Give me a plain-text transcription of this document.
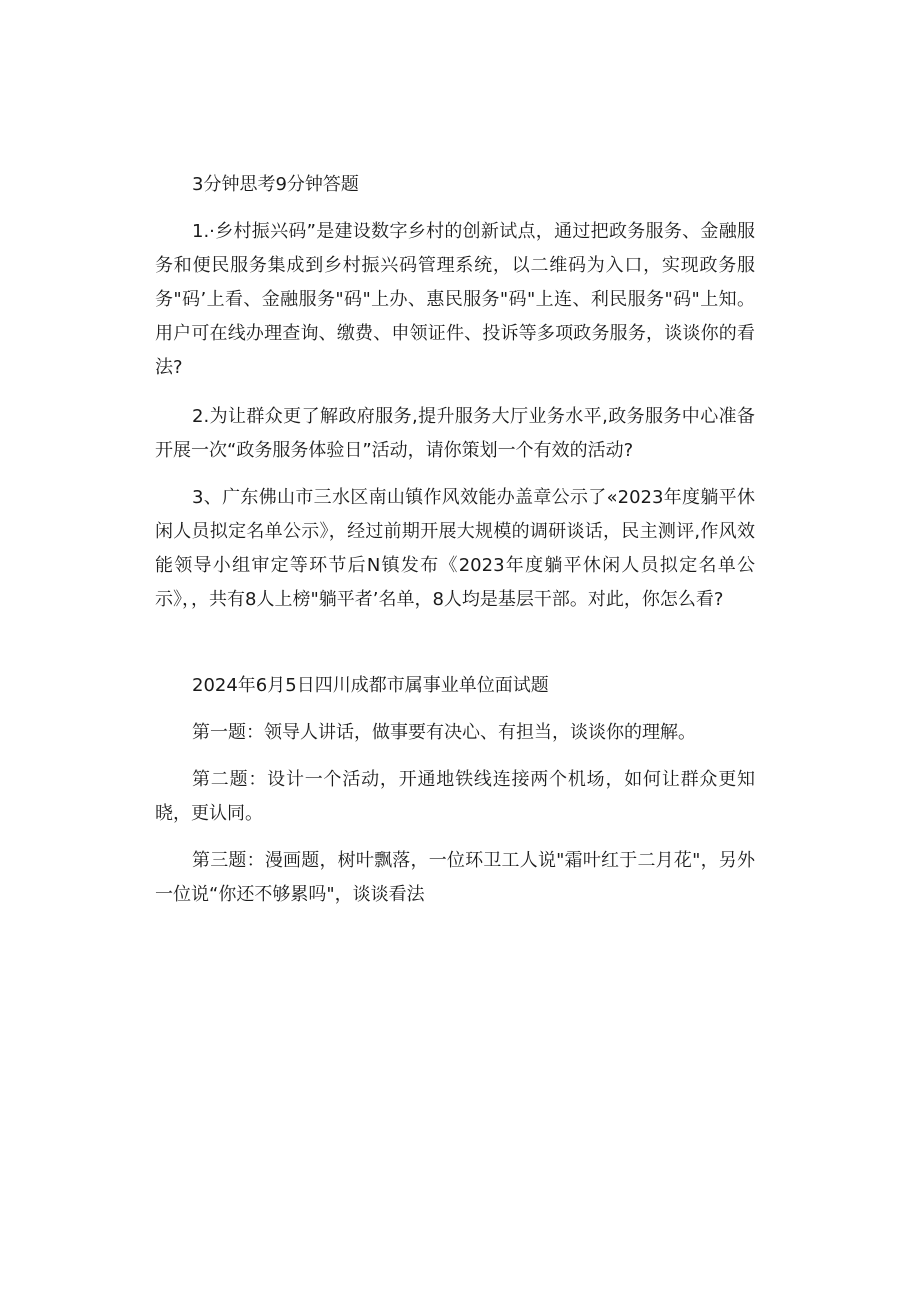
3分钟思考9分钟答题

1.·乡村振兴码”是建设数字乡村的创新试点，通过把政务服务、金融服务和便民服务集成到乡村振兴码管理系统，以二维码为入口，实现政务服务"码’上看、金融服务"码"上办、惠民服务"码"上连、利民服务"码"上知。用户可在线办理查询、缴费、申领证件、投诉等多项政务服务，谈谈你的看法?

2.为让群众更了解政府服务,提升服务大厅业务水平,政务服务中心准备开展一次“政务服务体验日”活动，请你策划一个有效的活动?

3、广东佛山市三水区南山镇作风效能办盖章公示了«2023年度躺平休闲人员拟定名单公示》，经过前期开展大规模的调研谈话，民主测评,作风效能领导小组审定等环节后N镇发布《2023年度躺平休闲人员拟定名单公示》，，共有8人上榜"躺平者’名单，8人均是基层干部。对此，你怎么看?

2024年6月5日四川成都市属事业单位面试题

第一题：领导人讲话，做事要有决心、有担当，谈谈你的理解。

第二题：设计一个活动，开通地铁线连接两个机场，如何让群众更知晓，更认同。

第三题：漫画题，树叶飘落，一位环卫工人说"霜叶红于二月花"，另外一位说“你还不够累吗"，谈谈看法
